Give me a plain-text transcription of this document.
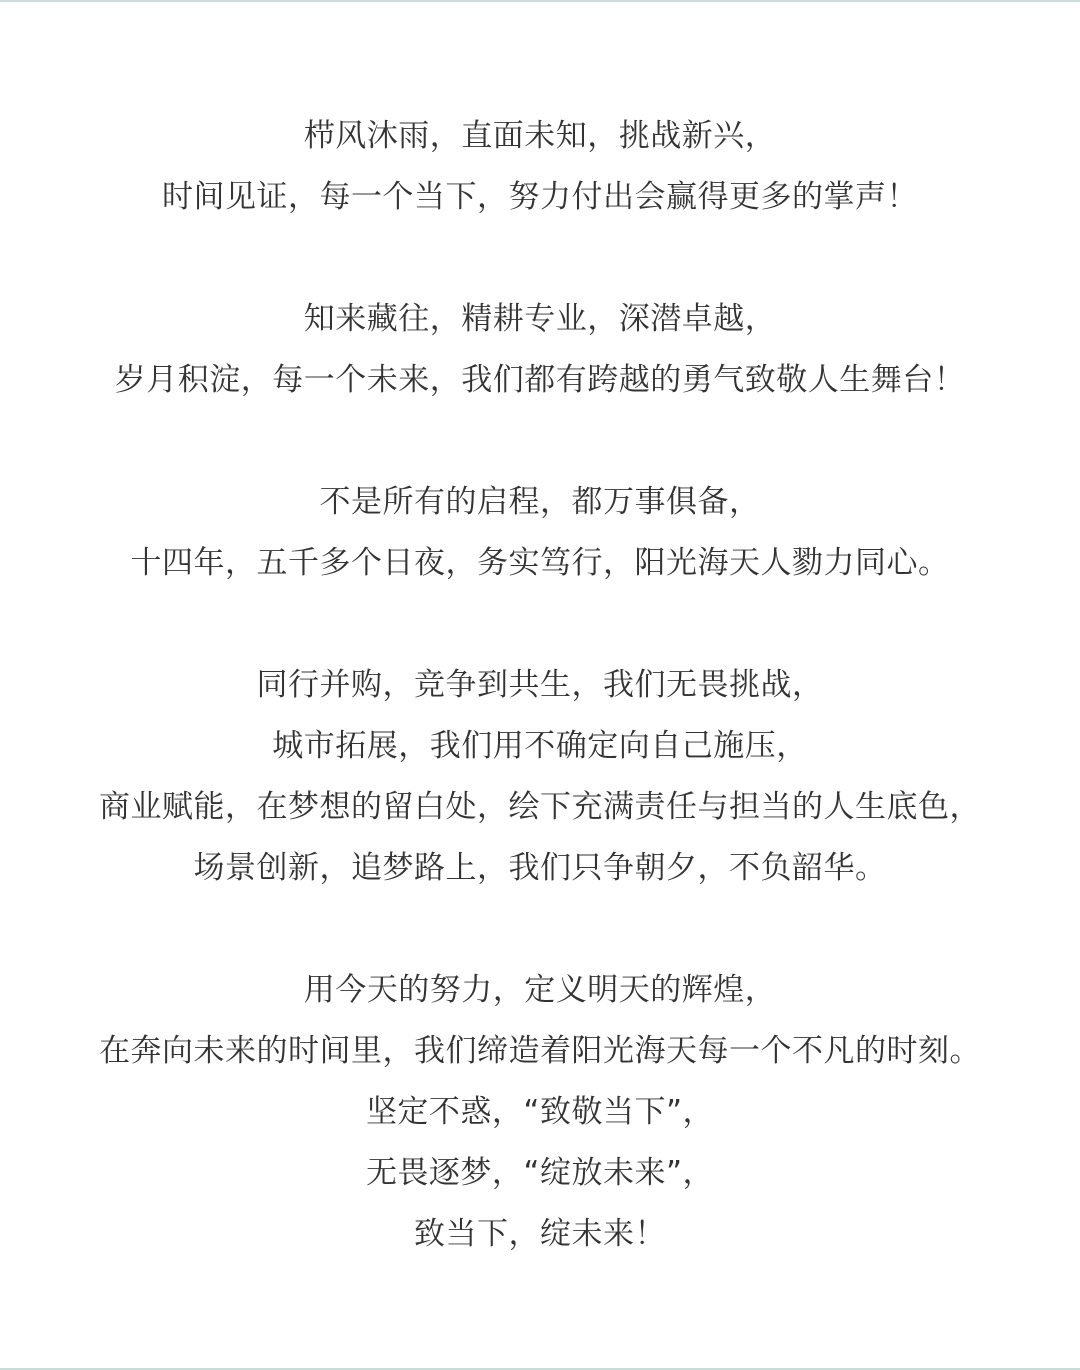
栉风沐雨，直面未知，挑战新兴，
时间见证，每一个当下，努力付出会赢得更多的掌声！
知来藏往，精耕专业，深潜卓越，
岁月积淀，每一个未来，我们都有跨越的勇气致敬人生舞台！
不是所有的启程，都万事俱备，
十四年，五千多个日夜，务实笃行，阳光海天人勠力同心。
同行并购，竞争到共生，我们无畏挑战，
城市拓展，我们用不确定向自己施压，
商业赋能，在梦想的留白处，绘下充满责任与担当的人生底色，
场景创新，追梦路上，我们只争朝夕，不负韶华。
用今天的努力，定义明天的辉煌，
在奔向未来的时间里，我们缔造着阳光海天每一个不凡的时刻。
坚定不惑，“致敬当下”，
无畏逐梦，“绽放未来”，
致当下，绽未来！
